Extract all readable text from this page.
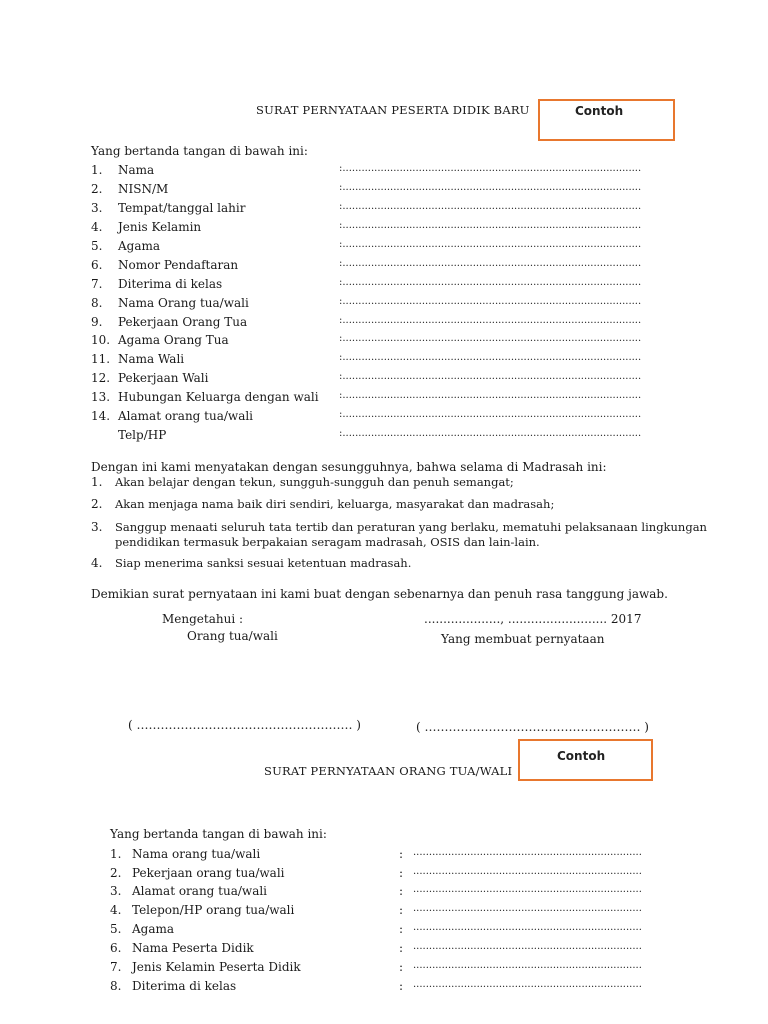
SURAT PERNYATAAN PESERTA DIDIK BARU	Contoh
Yang bertanda tangan di bawah ini:
1. Nama	:..............................................................................................
2. NISN/M	:..............................................................................................
3. Tempat/tanggal lahir	:..............................................................................................
4. Jenis Kelamin	:..............................................................................................
5. Agama	:..............................................................................................
6. Nomor Pendaftaran	:..............................................................................................
7. Diterima di kelas	:..............................................................................................
8. Nama Orang tua/wali	:..............................................................................................
9. Pekerjaan Orang Tua	:..............................................................................................
10. Agama Orang Tua	:..............................................................................................
11. Nama Wali	:..............................................................................................
12. Pekerjaan Wali	:..............................................................................................
13. Hubungan Keluarga dengan wali :..............................................................................................
14. Alamat orang tua/wali	:..............................................................................................
Telp/HP	:..............................................................................................
Dengan ini kami menyatakan dengan sesungguhnya, bahwa selama di Madrasah ini:
1. Akan belajar dengan tekun, sungguh-sungguh dan penuh semangat;
2. Akan menjaga nama baik diri sendiri, keluarga, masyarakat dan madrasah;
3. Sanggup menaati seluruh tata tertib dan peraturan yang berlaku, mematuhi pelaksanaan lingkungan
pendidikan termasuk berpakaian seragam madrasah, OSIS dan lain-lain.
4. Siap menerima sanksi sesuai ketentuan madrasah.
Demikian surat pernyataan ini kami buat dengan sebenarnya dan penuh rasa tanggung jawab.
Mengetahui :
Orang tua/wali
...................., .......................... 2017
Yang membuat pernyataan
( ……………………………………………… )	( ……………………………………………… )
SURAT PERNYATAAN ORANG TUA/WALI
Contoh
Yang bertanda tangan di bawah ini:
1. Nama orang tua/wali	: ........................................................................
2. Pekerjaan orang tua/wali	: ........................................................................
3. Alamat orang tua/wali	: ........................................................................
4. Telepon/HP orang tua/wali	: ........................................................................
5. Agama	: ........................................................................
6. Nama Peserta Didik	: ........................................................................
7. Jenis Kelamin Peserta Didik	: ........................................................................
8. Diterima di kelas	: ........................................................................
